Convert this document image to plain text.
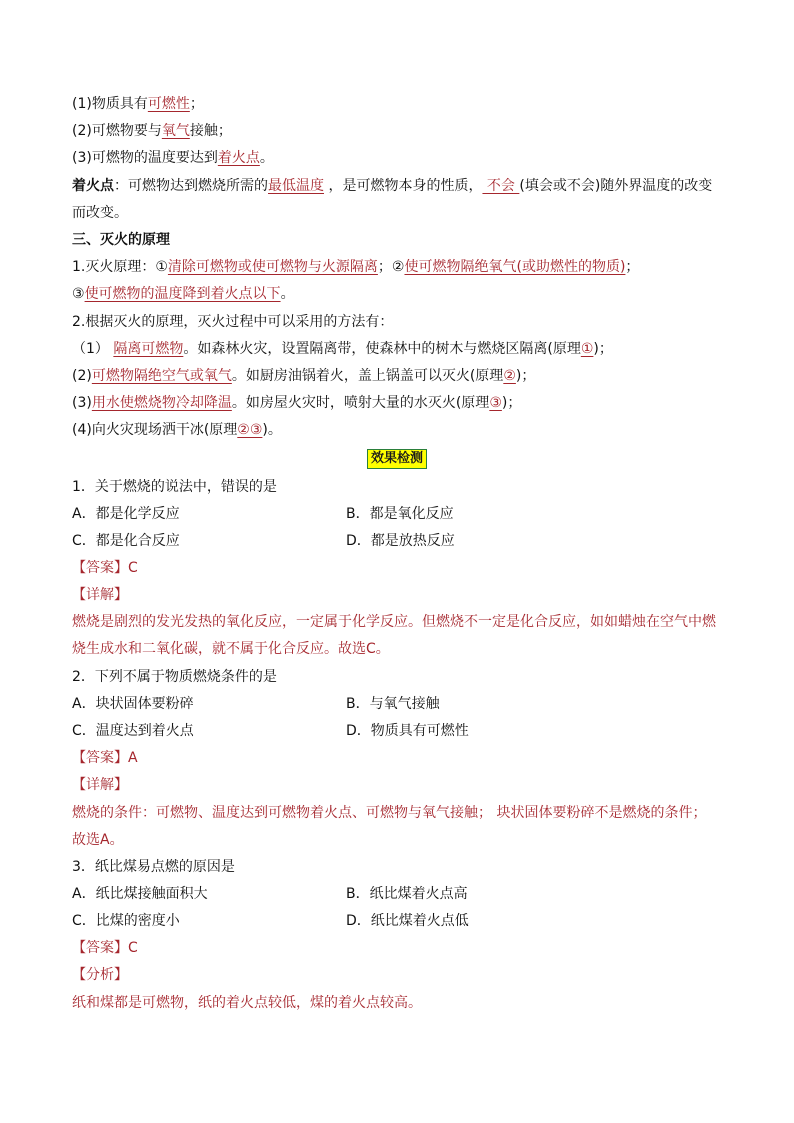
(1)物质具有可燃性；
(2)可燃物要与氧气接触；
(3)可燃物的温度要达到着火点。
着火点：可燃物达到燃烧所需的最低温度 ，是可燃物本身的性质， 不会 (填会或不会)随外界温度的改变
而改变。
三、灭火的原理
1.灭火原理：①清除可燃物或使可燃物与火源隔离；②使可燃物隔绝氧气(或助燃性的物质)；
③使可燃物的温度降到着火点以下。
2.根据灭火的原理，灭火过程中可以采用的方法有：
（1） 隔离可燃物。如森林火灾，设置隔离带，使森林中的树木与燃烧区隔离(原理①)；
(2)可燃物隔绝空气或氧气。如厨房油锅着火，盖上锅盖可以灭火(原理②)；
(3)用水使燃烧物冷却降温。如房屋火灾时，喷射大量的水灭火(原理③)；
(4)向火灾现场洒干冰(原理②③)。
效果检测
1．关于燃烧的说法中，错误的是
A．都是化学反应	B．都是氧化反应
C．都是化合反应	D．都是放热反应
【答案】C
【详解】
燃烧是剧烈的发光发热的氧化反应，一定属于化学反应。但燃烧不一定是化合反应，如如蜡烛在空气中燃
烧生成水和二氧化碳，就不属于化合反应。故选C。
2．下列不属于物质燃烧条件的是
A．块状固体要粉碎	B．与氧气接触
C．温度达到着火点	D．物质具有可燃性
【答案】A
【详解】
燃烧的条件：可燃物、温度达到可燃物着火点、可燃物与氧气接触； 块状固体要粉碎不是燃烧的条件；
故选A。
3．纸比煤易点燃的原因是
A．纸比煤接触面积大	B．纸比煤着火点高
C．比煤的密度小	D．纸比煤着火点低
【答案】C
【分析】
纸和煤都是可燃物，纸的着火点较低，煤的着火点较高。
